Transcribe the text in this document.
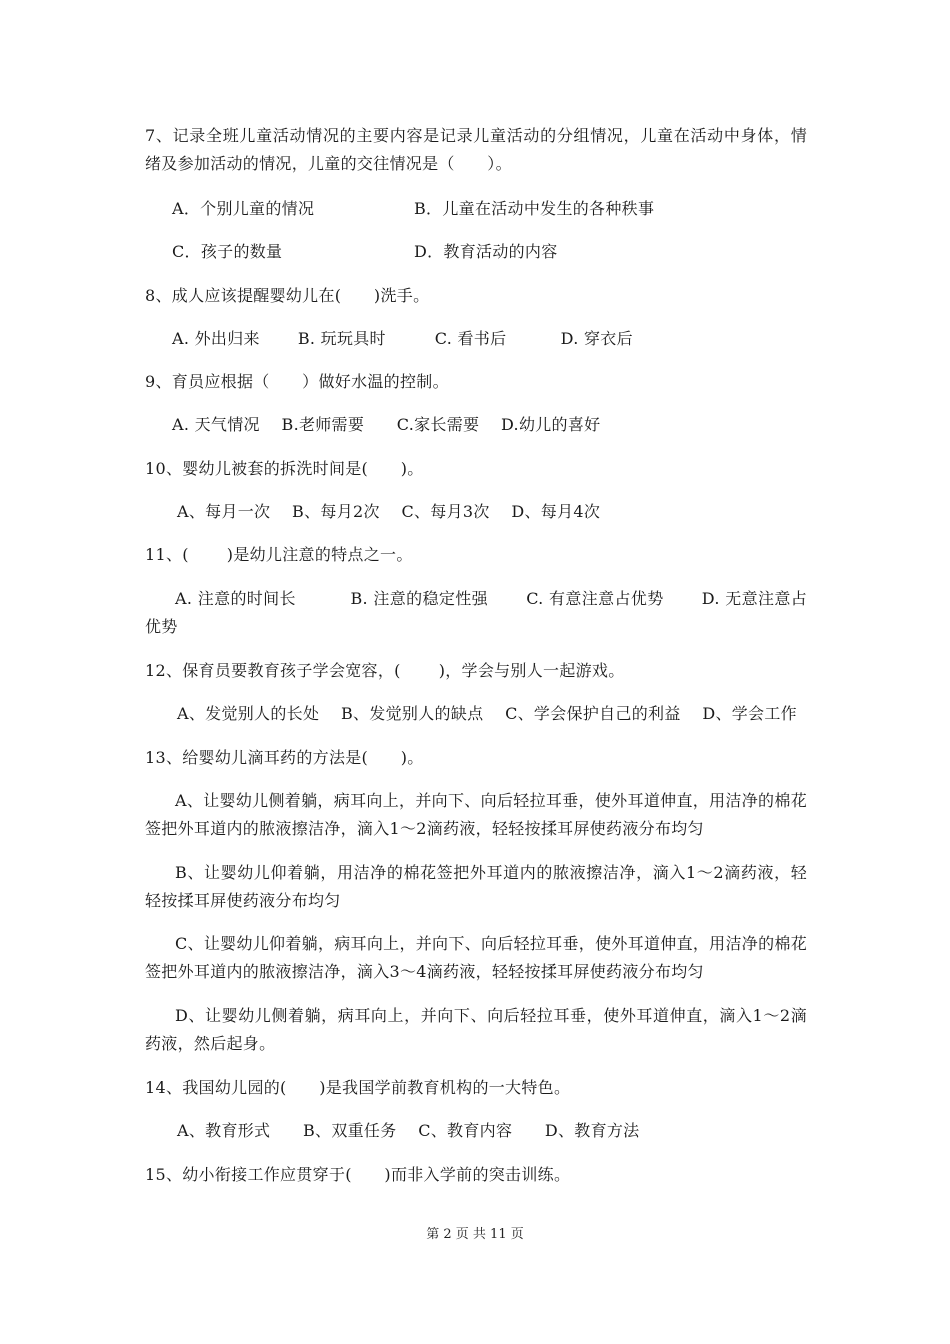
7、记录全班儿童活动情况的主要内容是记录儿童活动的分组情况，儿童在活动中身体，情绪及参加活动的情况，儿童的交往情况是（　　）。
A．个别儿童的情况	B．儿童在活动中发生的各种秩事
C．孩子的数量	D．教育活动的内容
8、成人应该提醒婴幼儿在(　　)洗手。
A. 外出归来　　 B. 玩玩具时　　　C. 看书后　　　 D. 穿衣后
9、育员应根据（　　）做好水温的控制。
A. 天气情况　 B.老师需要　　C.家长需要　 D.幼儿的喜好
10、婴幼儿被套的拆洗时间是(　　)。
A、每月一次　 B、每月2次　 C、每月3次　 D、每月4次
11、(　　 )是幼儿注意的特点之一。
A. 注意的时间长　　　 B. 注意的稳定性强　　 C. 有意注意占优势　　 D. 无意注意占优势
12、保育员要教育孩子学会宽容，(　　 )，学会与别人一起游戏。
A、发觉别人的长处　 B、发觉别人的缺点　 C、学会保护自己的利益　 D、学会工作
13、给婴幼儿滴耳药的方法是(　　)。
A、让婴幼儿侧着躺，病耳向上，并向下、向后轻拉耳垂，使外耳道伸直，用洁净的棉花签把外耳道内的脓液擦洁净，滴入1～2滴药液，轻轻按揉耳屏使药液分布均匀
B、让婴幼儿仰着躺，用洁净的棉花签把外耳道内的脓液擦洁净，滴入1～2滴药液，轻轻按揉耳屏使药液分布均匀
C、让婴幼儿仰着躺，病耳向上，并向下、向后轻拉耳垂，使外耳道伸直，用洁净的棉花签把外耳道内的脓液擦洁净，滴入3～4滴药液，轻轻按揉耳屏使药液分布均匀
D、让婴幼儿侧着躺，病耳向上，并向下、向后轻拉耳垂，使外耳道伸直，滴入1～2滴药液，然后起身。
14、我国幼儿园的(　　)是我国学前教育机构的一大特色。
A、教育形式　　B、双重任务　 C、教育内容　　D、教育方法
15、幼小衔接工作应贯穿于(　　)而非入学前的突击训练。
第 2 页 共 11 页
